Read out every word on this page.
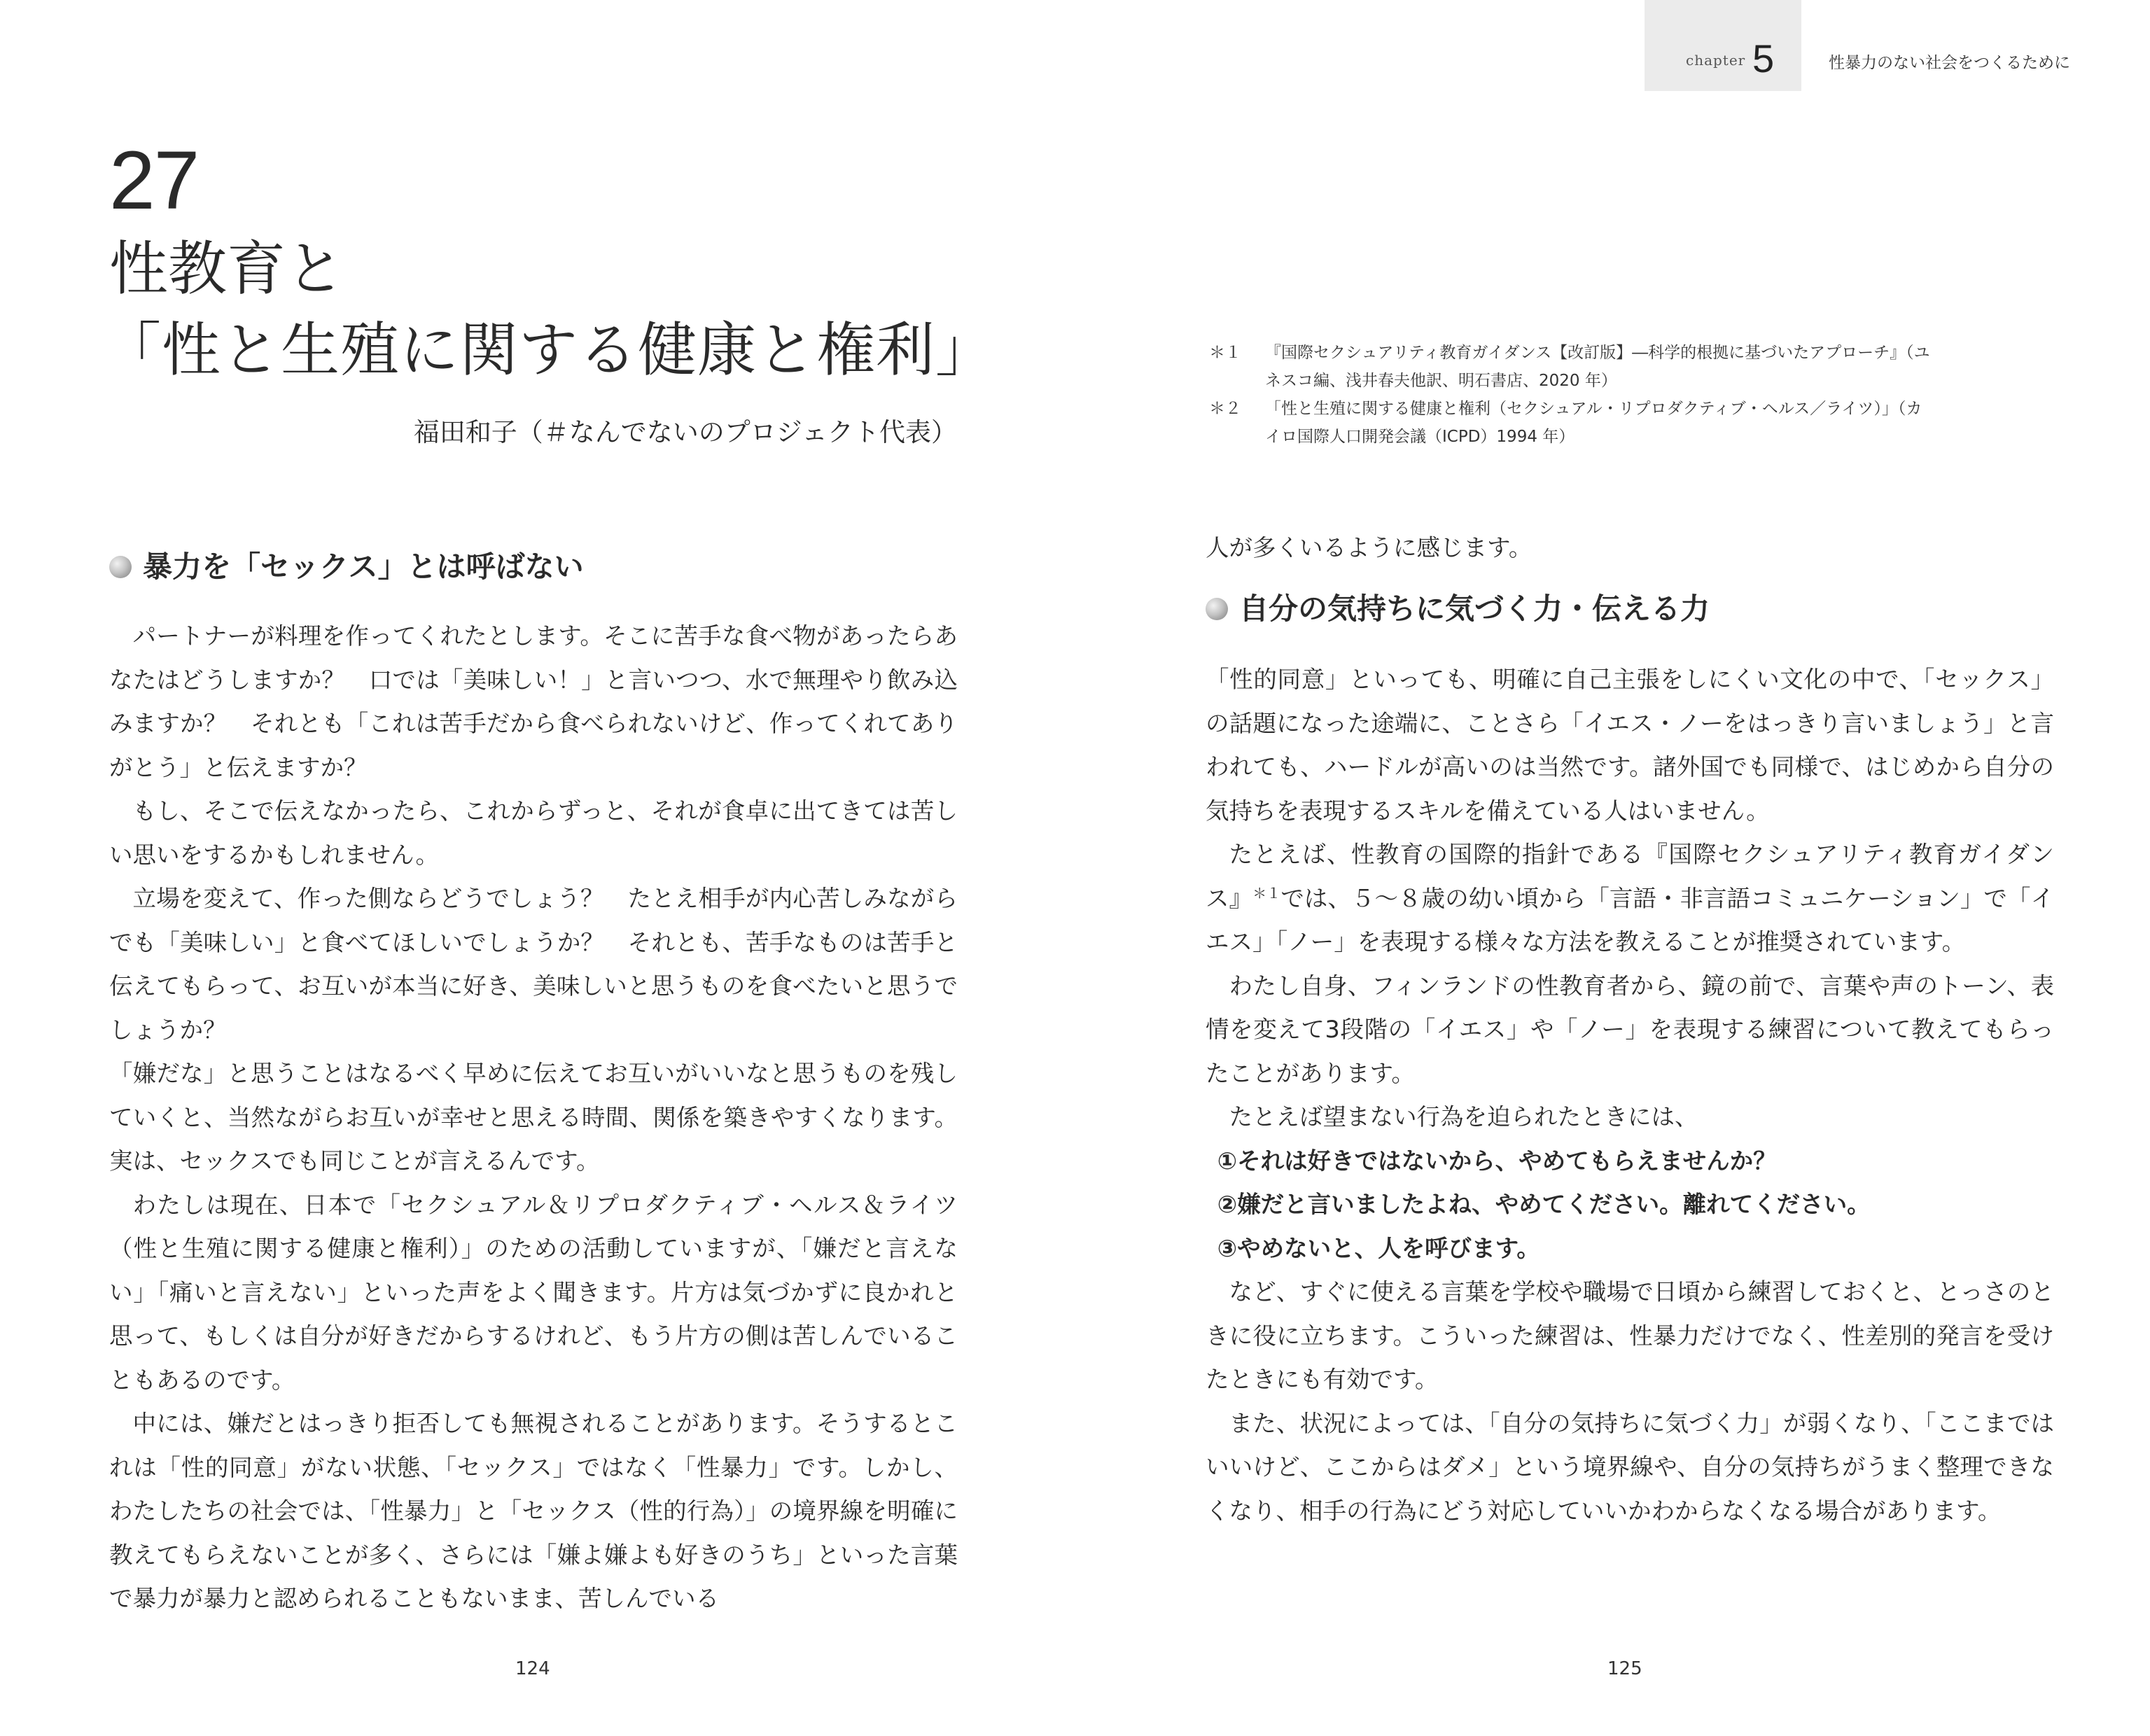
27
性教育と
「性と生殖に関する健康と権利」
福田和子（＃なんでないのプロジェクト代表）
暴力を「セックス」とは呼ばない

パートナーが料理を作ってくれたとします。そこに苦手な食べ物があったらあなたはどうしますか？　口では「美味しい！」と言いつつ、水で無理やり飲み込みますか？　それとも「これは苦手だから食べられないけど、作ってくれてありがとう」と伝えますか？

もし、そこで伝えなかったら、これからずっと、それが食卓に出てきては苦しい思いをするかもしれません。

立場を変えて、作った側ならどうでしょう？　たとえ相手が内心苦しみながらでも「美味しい」と食べてほしいでしょうか？　それとも、苦手なものは苦手と伝えてもらって、お互いが本当に好き、美味しいと思うものを食べたいと思うでしょうか？

「嫌だな」と思うことはなるべく早めに伝えてお互いがいいなと思うものを残していくと、当然ながらお互いが幸せと思える時間、関係を築きやすくなります。実は、セックスでも同じことが言えるんです。

わたしは現在、日本で「セクシュアル＆リプロダクティブ・ヘルス＆ライツ（性と生殖に関する健康と権利）」のための活動していますが、「嫌だと言えない」「痛いと言えない」といった声をよく聞きます。片方は気づかずに良かれと思って、もしくは自分が好きだからするけれど、もう片方の側は苦しんでいることもあるのです。

中には、嫌だとはっきり拒否しても無視されることがあります。そうするとこれは「性的同意」がない状態、「セックス」ではなく「性暴力」です。しかし、わたしたちの社会では、「性暴力」と「セックス（性的行為）」の境界線を明確に教えてもらえないことが多く、さらには「嫌よ嫌よも好きのうち」といった言葉で暴力が暴力と認められることもないまま、苦しんでいる

124
chapter 5	性暴力のない社会をつくるために
＊１ 『国際セクシュアリティ教育ガイダンス【改訂版】―科学的根拠に基づいたアプローチ』（ユネスコ編、浅井春夫他訳、明石書店、2020 年）
＊２ 「性と生殖に関する健康と権利（セクシュアル・リプロダクティブ・ヘルス／ライツ）」（カイロ国際人口開発会議（ICPD）1994 年）

人が多くいるように感じます。

自分の気持ちに気づく力・伝える力

「性的同意」といっても、明確に自己主張をしにくい文化の中で、「セックス」の話題になった途端に、ことさら「イエス・ノーをはっきり言いましょう」と言われても、ハードルが高いのは当然です。諸外国でも同様で、はじめから自分の気持ちを表現するスキルを備えている人はいません。

たとえば、性教育の国際的指針である『国際セクシュアリティ教育ガイダンス』$^{*1}$では、５～８歳の幼い頃から「言語・非言語コミュニケーション」で「イエス」「ノー」を表現する様々な方法を教えることが推奨されています。

わたし自身、フィンランドの性教育者から、鏡の前で、言葉や声のトーン、表情を変えて3段階の「イエス」や「ノー」を表現する練習について教えてもらったことがあります。

たとえば望まない行為を迫られたときには、

①それは好きではないから、やめてもらえませんか？

②嫌だと言いましたよね、やめてください。離れてください。

③やめないと、人を呼びます。

など、すぐに使える言葉を学校や職場で日頃から練習しておくと、とっさのときに役に立ちます。こういった練習は、性暴力だけでなく、性差別的発言を受けたときにも有効です。

また、状況によっては、「自分の気持ちに気づく力」が弱くなり、「ここまではいいけど、ここからはダメ」という境界線や、自分の気持ちがうまく整理できなくなり、相手の行為にどう対応していいかわからなくなる場合があります。

125
